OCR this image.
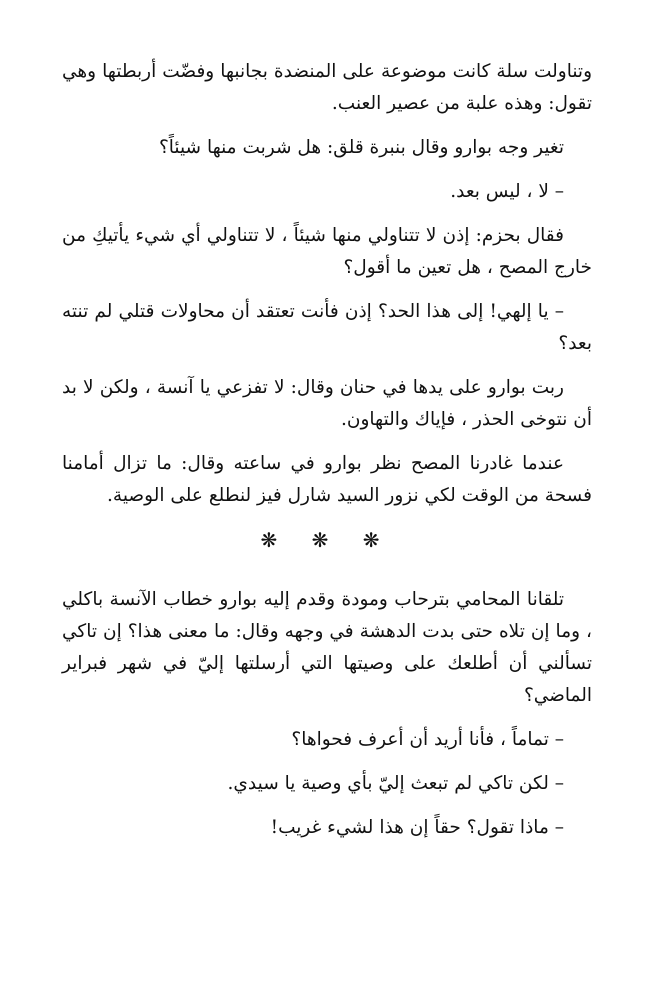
وتناولت سلة كانت موضوعة على المنضدة بجانبها وفضّت أربطتها وهي تقول: وهذه علبة من عصير العنب.

تغير وجه بوارو وقال بنبرة قلق: هل شربت منها شيئاً؟

– لا ، ليس بعد.

فقال بحزم: إذن لا تتناولي منها شيئاً ، لا تتناولي أي شيء يأتيكِ من خارج المصح ، هل تعين ما أقول؟

– يا إلهي! إلى هذا الحد؟ إذن فأنت تعتقد أن محاولات قتلي لم تنته بعد؟

ربت بوارو على يدها في حنان وقال: لا تفزعي يا آنسة ، ولكن لا بد أن نتوخى الحذر ، فإياك والتهاون.

عندما غادرنا المصح نظر بوارو في ساعته وقال: ما تزال أمامنا فسحة من الوقت لكي نزور السيد شارل فيز لنطلع على الوصية.

❋ ❋ ❋

تلقانا المحامي بترحاب ومودة وقدم إليه بوارو خطاب الآنسة باكلي ، وما إن تلاه حتى بدت الدهشة في وجهه وقال: ما معنى هذا؟ إن تاكي تسألني أن أطلعك على وصيتها التي أرسلتها إليّ في شهر فبراير الماضي؟

– تماماً ، فأنا أريد أن أعرف فحواها؟

– لكن تاكي لم تبعث إليّ بأي وصية يا سيدي.

– ماذا تقول؟ حقاً إن هذا لشيء غريب!
